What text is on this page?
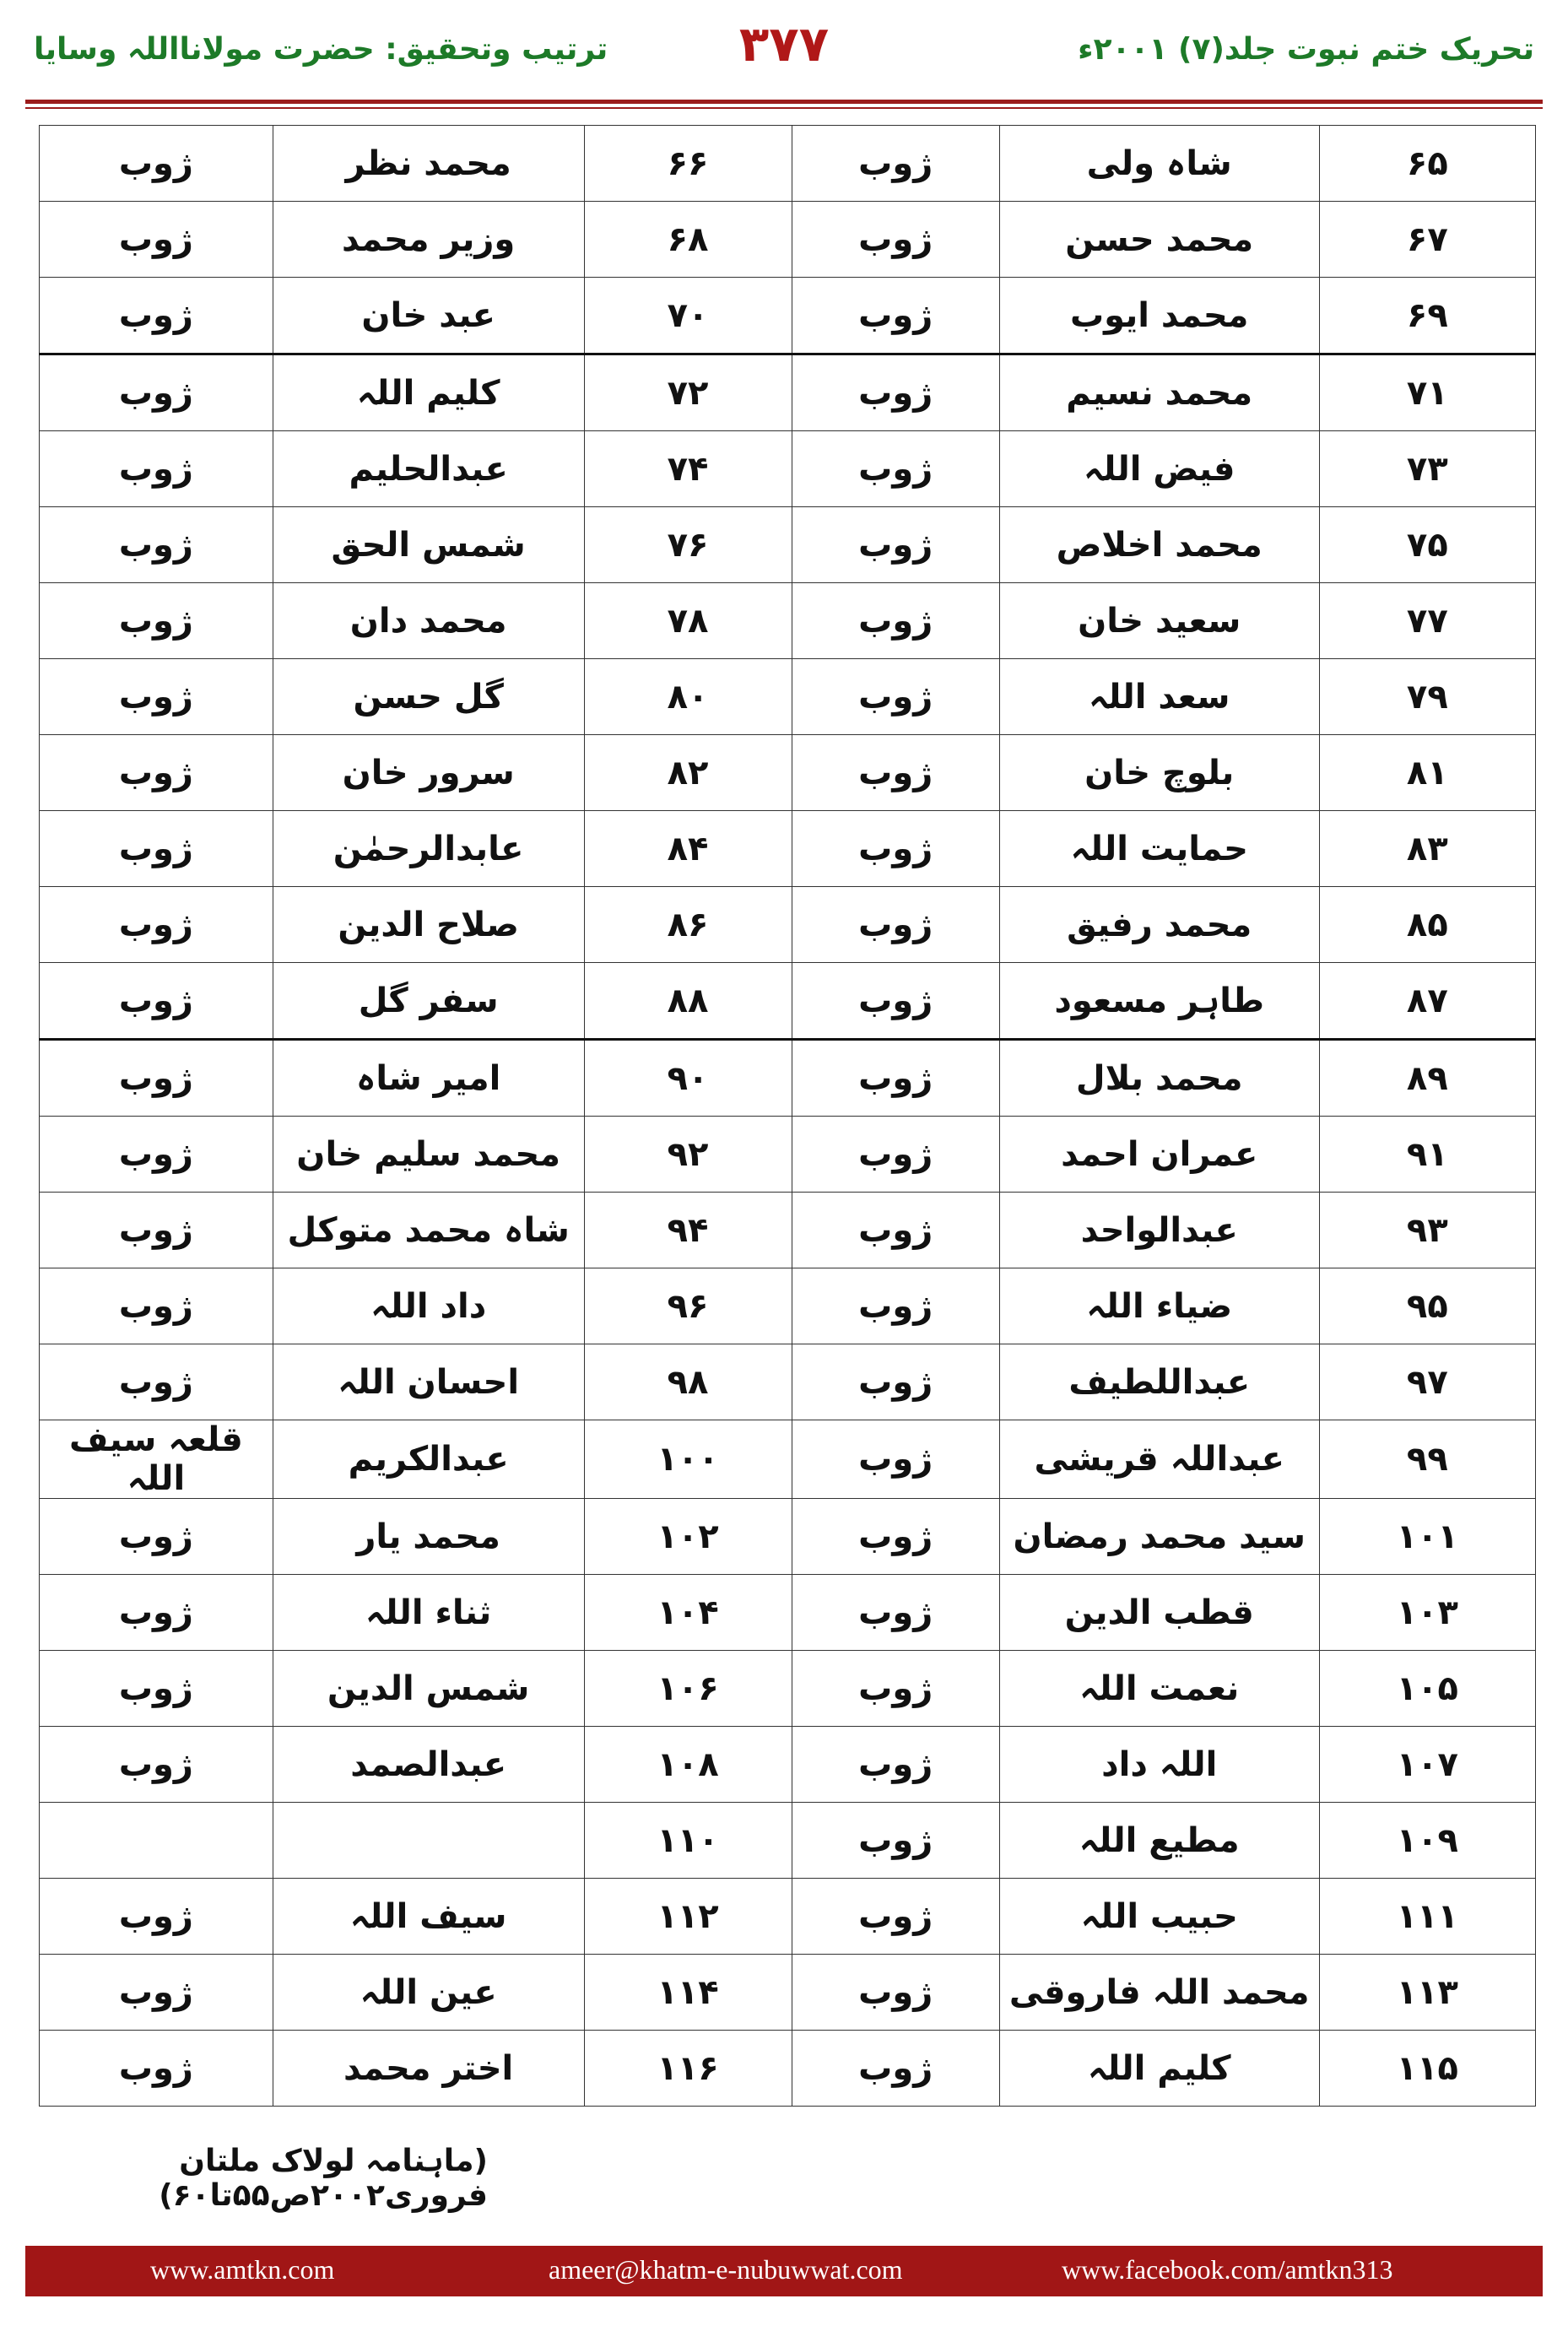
تحریک ختم نبوت جلد(۷) ۲۰۰۱ء
۳۷۷
ترتیب وتحقیق: حضرت مولانااللہ وسایا
۶۵	شاہ ولی	ژوب	۶۶	محمد نظر	ژوب
۶۷	محمد حسن	ژوب	۶۸	وزیر محمد	ژوب
۶۹	محمد ایوب	ژوب	۷۰	عبد خان	ژوب
۷۱	محمد نسیم	ژوب	۷۲	کلیم اللہ	ژوب
۷۳	فیض اللہ	ژوب	۷۴	عبدالحلیم	ژوب
۷۵	محمد اخلاص	ژوب	۷۶	شمس الحق	ژوب
۷۷	سعید خان	ژوب	۷۸	محمد دان	ژوب
۷۹	سعد اللہ	ژوب	۸۰	گل حسن	ژوب
۸۱	بلوچ خان	ژوب	۸۲	سرور خان	ژوب
۸۳	حمایت اللہ	ژوب	۸۴	عابدالرحمٰن	ژوب
۸۵	محمد رفیق	ژوب	۸۶	صلاح الدین	ژوب
۸۷	طاہر مسعود	ژوب	۸۸	سفر گل	ژوب
۸۹	محمد بلال	ژوب	۹۰	امیر شاہ	ژوب
۹۱	عمران احمد	ژوب	۹۲	محمد سلیم خان	ژوب
۹۳	عبدالواحد	ژوب	۹۴	شاہ محمد متوکل	ژوب
۹۵	ضیاء اللہ	ژوب	۹۶	داد اللہ	ژوب
۹۷	عبداللطیف	ژوب	۹۸	احسان اللہ	ژوب
۹۹	عبداللہ قریشی	ژوب	۱۰۰	عبدالکریم	قلعہ سیف اللہ
۱۰۱	سید محمد رمضان	ژوب	۱۰۲	محمد یار	ژوب
۱۰۳	قطب الدین	ژوب	۱۰۴	ثناء اللہ	ژوب
۱۰۵	نعمت اللہ	ژوب	۱۰۶	شمس الدین	ژوب
۱۰۷	اللہ داد	ژوب	۱۰۸	عبدالصمد	ژوب
۱۰۹	مطیع اللہ	ژوب	۱۱۰		
۱۱۱	حبیب اللہ	ژوب	۱۱۲	سیف اللہ	ژوب
۱۱۳	محمد اللہ فاروقی	ژوب	۱۱۴	عین اللہ	ژوب
۱۱۵	کلیم اللہ	ژوب	۱۱۶	اختر محمد	ژوب
(ماہنامہ لولاک ملتان فروری۲۰۰۲ص۵۵تا۶۰)
www.amtkn.com	ameer@khatm-e-nubuwwat.com	www.facebook.com/amtkn313
